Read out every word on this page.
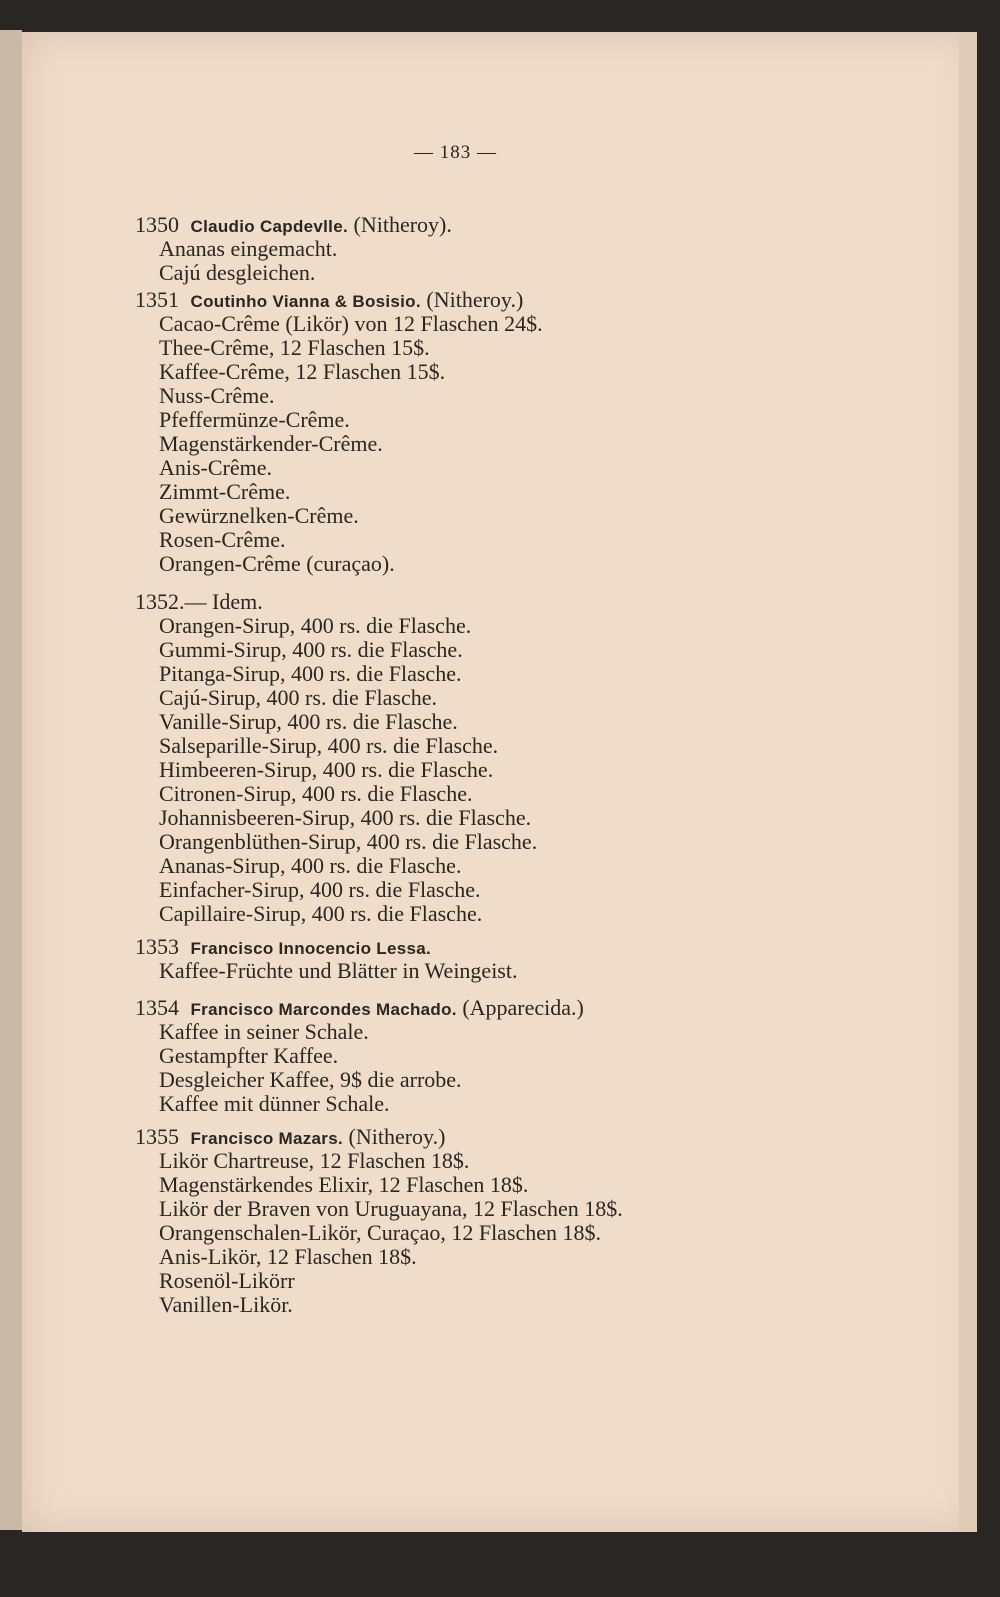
— 183 —
1350 Claudio Capdevlle. (Nitheroy).
Ananas eingemacht.
Cajú desgleichen.
1351 Coutinho Vianna & Bosisio. (Nitheroy.)
Cacao-Crême (Likör) von 12 Flaschen 24$.
Thee-Crême, 12 Flaschen 15$.
Kaffee-Crême, 12 Flaschen 15$.
Nuss-Crême.
Pfeffermünze-Crême.
Magenstärkender-Crême.
Anis-Crême.
Zimmt-Crême.
Gewürznelken-Crême.
Rosen-Crême.
Orangen-Crême (curaçao).
1352.— Idem.
Orangen-Sirup, 400 rs. die Flasche.
Gummi-Sirup, 400 rs. die Flasche.
Pitanga-Sirup, 400 rs. die Flasche.
Cajú-Sirup, 400 rs. die Flasche.
Vanille-Sirup, 400 rs. die Flasche.
Salseparille-Sirup, 400 rs. die Flasche.
Himbeeren-Sirup, 400 rs. die Flasche.
Citronen-Sirup, 400 rs. die Flasche.
Johannisbeeren-Sirup, 400 rs. die Flasche.
Orangenblüthen-Sirup, 400 rs. die Flasche.
Ananas-Sirup, 400 rs. die Flasche.
Einfacher-Sirup, 400 rs. die Flasche.
Capillaire-Sirup, 400 rs. die Flasche.
1353 Francisco Innocencio Lessa.
Kaffee-Früchte und Blätter in Weingeist.
1354 Francisco Marcondes Machado. (Apparecida.)
Kaffee in seiner Schale.
Gestampfter Kaffee.
Desgleicher Kaffee, 9$ die arrobe.
Kaffee mit dünner Schale.
1355 Francisco Mazars. (Nitheroy.)
Likör Chartreuse, 12 Flaschen 18$.
Magenstärkendes Elixir, 12 Flaschen 18$.
Likör der Braven von Uruguayana, 12 Flaschen 18$.
Orangenschalen-Likör, Curaçao, 12 Flaschen 18$.
Anis-Likör, 12 Flaschen 18$.
Rosenöl-Likörr
Vanillen-Likör.
